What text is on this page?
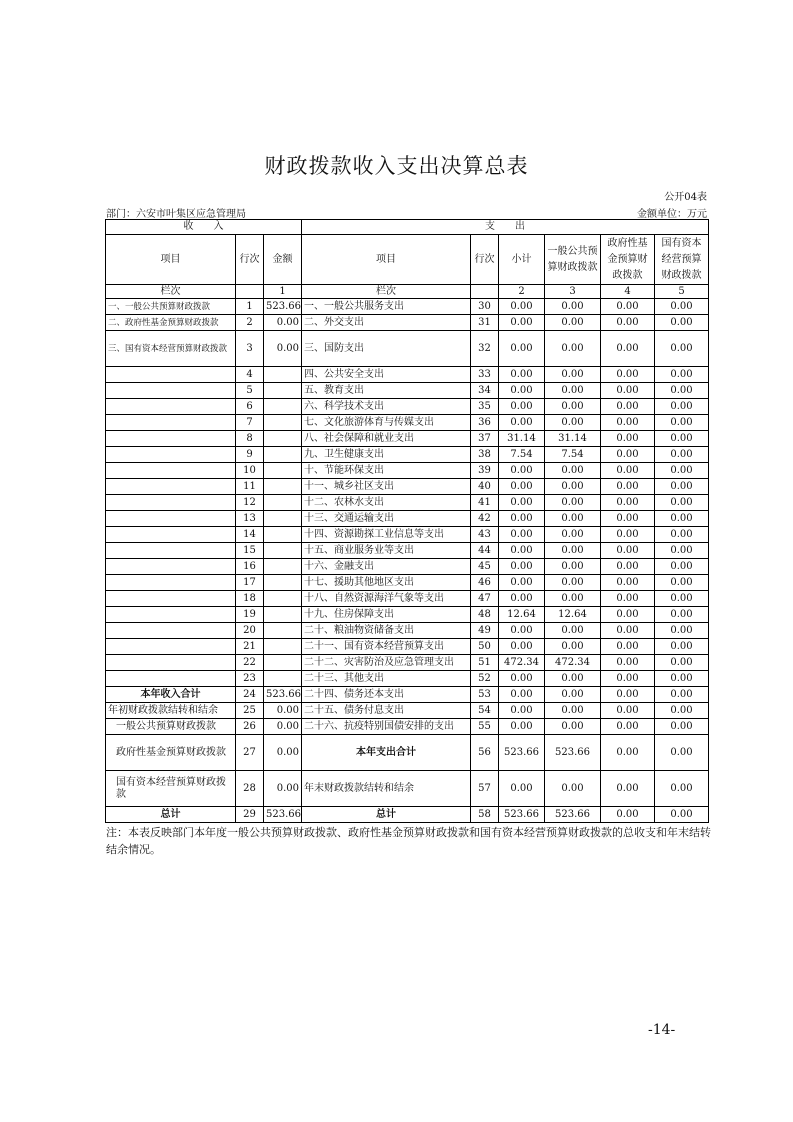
财政拨款收入支出决算总表
公开04表
部门：六安市叶集区应急管理局	金额单位：万元
收　　入			支　　出					
项目	行次	金额	项目	行次	小计	一般公共预算财政拨款	政府性基金预算财政拨款	国有资本经营预算财政拨款
栏次		1	栏次		2	3	4	5
一、一般公共预算财政拨款	1	523.66	一、一般公共服务支出	30	0.00	0.00	0.00	0.00
二、政府性基金预算财政拨款	2	0.00	二、外交支出	31	0.00	0.00	0.00	0.00
三、国有资本经营预算财政拨款	3	0.00	三、国防支出	32	0.00	0.00	0.00	0.00
	4		四、公共安全支出	33	0.00	0.00	0.00	0.00
	5		五、教育支出	34	0.00	0.00	0.00	0.00
	6		六、科学技术支出	35	0.00	0.00	0.00	0.00
	7		七、文化旅游体育与传媒支出	36	0.00	0.00	0.00	0.00
	8		八、社会保障和就业支出	37	31.14	31.14	0.00	0.00
	9		九、卫生健康支出	38	7.54	7.54	0.00	0.00
	10		十、节能环保支出	39	0.00	0.00	0.00	0.00
	11		十一、城乡社区支出	40	0.00	0.00	0.00	0.00
	12		十二、农林水支出	41	0.00	0.00	0.00	0.00
	13		十三、交通运输支出	42	0.00	0.00	0.00	0.00
	14		十四、资源勘探工业信息等支出	43	0.00	0.00	0.00	0.00
	15		十五、商业服务业等支出	44	0.00	0.00	0.00	0.00
	16		十六、金融支出	45	0.00	0.00	0.00	0.00
	17		十七、援助其他地区支出	46	0.00	0.00	0.00	0.00
	18		十八、自然资源海洋气象等支出	47	0.00	0.00	0.00	0.00
	19		十九、住房保障支出	48	12.64	12.64	0.00	0.00
	20		二十、粮油物资储备支出	49	0.00	0.00	0.00	0.00
	21		二十一、国有资本经营预算支出	50	0.00	0.00	0.00	0.00
	22		二十二、灾害防治及应急管理支出	51	472.34	472.34	0.00	0.00
	23		二十三、其他支出	52	0.00	0.00	0.00	0.00
本年收入合计	24	523.66	二十四、债务还本支出	53	0.00	0.00	0.00	0.00
年初财政拨款结转和结余	25	0.00	二十五、债务付息支出	54	0.00	0.00	0.00	0.00
一般公共预算财政拨款	26	0.00	二十六、抗疫特别国债安排的支出	55	0.00	0.00	0.00	0.00
政府性基金预算财政拨款	27	0.00	本年支出合计	56	523.66	523.66	0.00	0.00
国有资本经营预算财政拨款	28	0.00	年末财政拨款结转和结余	57	0.00	0.00	0.00	0.00
总计	29	523.66	总计	58	523.66	523.66	0.00	0.00
注：本表反映部门本年度一般公共预算财政拨款、政府性基金预算财政拨款和国有资本经营预算财政拨款的总收支和年末结转结余情况。
-14-
